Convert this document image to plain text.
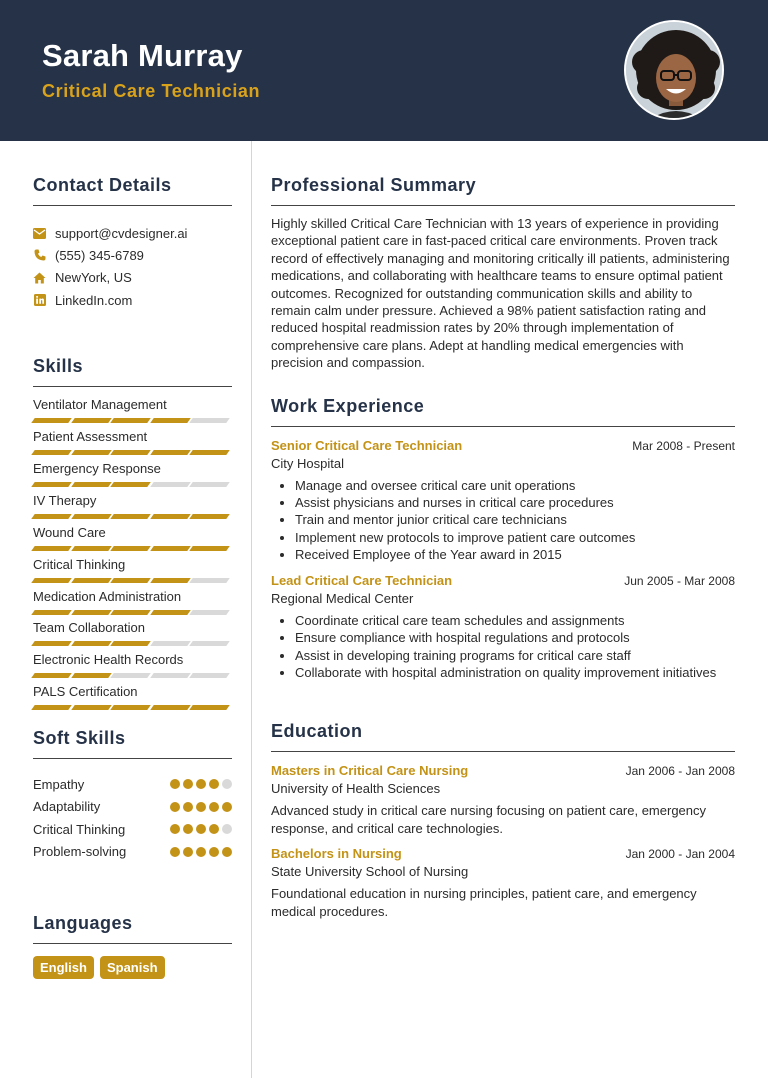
Sarah Murray
Critical Care Technician
Contact Details
support@cvdesigner.ai
(555) 345-6789
NewYork, US
LinkedIn.com
Skills
Ventilator Management
Patient Assessment
Emergency Response
IV Therapy
Wound Care
Critical Thinking
Medication Administration
Team Collaboration
Electronic Health Records
PALS Certification
Soft Skills
Empathy
Adaptability
Critical Thinking
Problem-solving
Languages
English	Spanish
Professional Summary

Highly skilled Critical Care Technician with 13 years of experience in providing exceptional patient care in fast-paced critical care environments. Proven track record of effectively managing and monitoring critically ill patients, administering medications, and collaborating with healthcare teams to ensure optimal patient outcomes. Recognized for outstanding communication skills and ability to remain calm under pressure. Achieved a 98% patient satisfaction rating and reduced hospital readmission rates by 20% through implementation of comprehensive care plans. Adept at handling medical emergencies with precision and compassion.

Work Experience
Senior Critical Care Technician	Mar 2008 - Present
City Hospital
• Manage and oversee critical care unit operations
• Assist physicians and nurses in critical care procedures
• Train and mentor junior critical care technicians
• Implement new protocols to improve patient care outcomes
• Received Employee of the Year award in 2015
Lead Critical Care Technician	Jun 2005 - Mar 2008
Regional Medical Center
• Coordinate critical care team schedules and assignments
• Ensure compliance with hospital regulations and protocols
• Assist in developing training programs for critical care staff
• Collaborate with hospital administration on quality improvement initiatives
Education
Masters in Critical Care Nursing	Jan 2006 - Jan 2008
University of Health Sciences

Advanced study in critical care nursing focusing on patient care, emergency response, and critical care technologies.

Bachelors in Nursing	Jan 2000 - Jan 2004
State University School of Nursing

Foundational education in nursing principles, patient care, and emergency medical procedures.
